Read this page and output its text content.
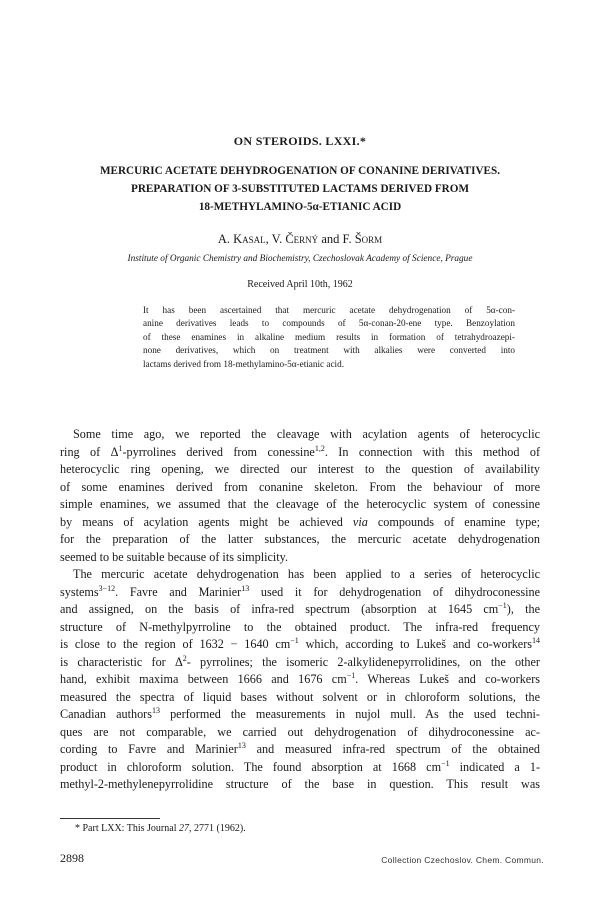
ON STEROIDS. LXXI.*
MERCURIC ACETATE DEHYDROGENATION OF CONANINE DERIVATIVES.
PREPARATION OF 3-SUBSTITUTED LACTAMS DERIVED FROM
18-METHYLAMINO-5α-ETIANIC ACID
A. Kasal, V. Černý and F. Šorm
Institute of Organic Chemistry and Biochemistry, Czechoslovak Academy of Science, Prague
Received April 10th, 1962
It has been ascertained that mercuric acetate dehydrogenation of 5α-con-
anine derivatives leads to compounds of 5α-conan-20-ene type. Benzoylation
of these enamines in alkaline medium results in formation of tetrahydroazepi-
none derivatives, which on treatment with alkalies were converted into
lactams derived from 18-methylamino-5α-etianic acid.
Some time ago, we reported the cleavage with acylation agents of heterocyclic
ring of $\Delta^1$-pyrrolines derived from conessine$^{1,2}$. In connection with this method of
heterocyclic ring opening, we directed our interest to the question of availability
of some enamines derived from conanine skeleton. From the behaviour of more
simple enamines, we assumed that the cleavage of the heterocyclic system of conessine
by means of acylation agents might be achieved via compounds of enamine type;
for the preparation of the latter substances, the mercuric acetate dehydrogenation
seemed to be suitable because of its simplicity.
The mercuric acetate dehydrogenation has been applied to a series of heterocyclic
systems$^{3-12}$. Favre and Marinier$^{13}$ used it for dehydrogenation of dihydroconessine
and assigned, on the basis of infra-red spectrum (absorption at 1645 $cm^{-1}$), the
structure of N-methylpyrroline to the obtained product. The infra-red frequency
is close to the region of 1632 − 1640 $cm^{-1}$ which, according to Lukeš and co-workers$^{14}$
is characteristic for $\Delta^2-$ pyrrolines; the isomeric 2-alkylidenepyrrolidines, on the other
hand, exhibit maxima between 1666 and 1676 $cm^{-1}$. Whereas Lukeš and co-workers
measured the spectra of liquid bases without solvent or in chloroform solutions, the
Canadian authors$^{13}$ performed the measurements in nujol mull. As the used techni-
ques are not comparable, we carried out dehydrogenation of dihydroconessine ac-
cording to Favre and Marinier$^{13}$ and measured infra-red spectrum of the obtained
product in chloroform solution. The found absorption at 1668 $cm^{-1}$ indicated a 1-
methyl-2-methylenepyrrolidine structure of the base in question. This result was
* Part LXX: This Journal 27, 2771 (1962).
2898	Collection Czechoslov. Chem. Commun.
